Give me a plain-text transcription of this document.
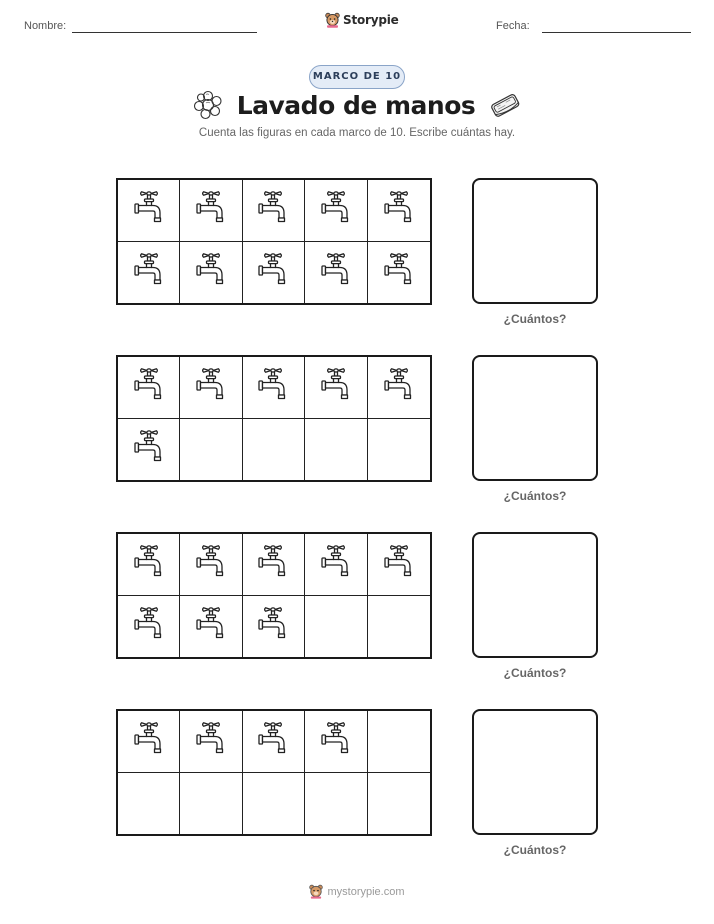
Nombre:	Storypie	Fecha:
MARCO DE 10
Lavado de manos
Cuenta las figuras en cada marco de 10. Escribe cuántas hay.
¿Cuántos?
¿Cuántos?
¿Cuántos?
¿Cuántos?
mystorypie.com
